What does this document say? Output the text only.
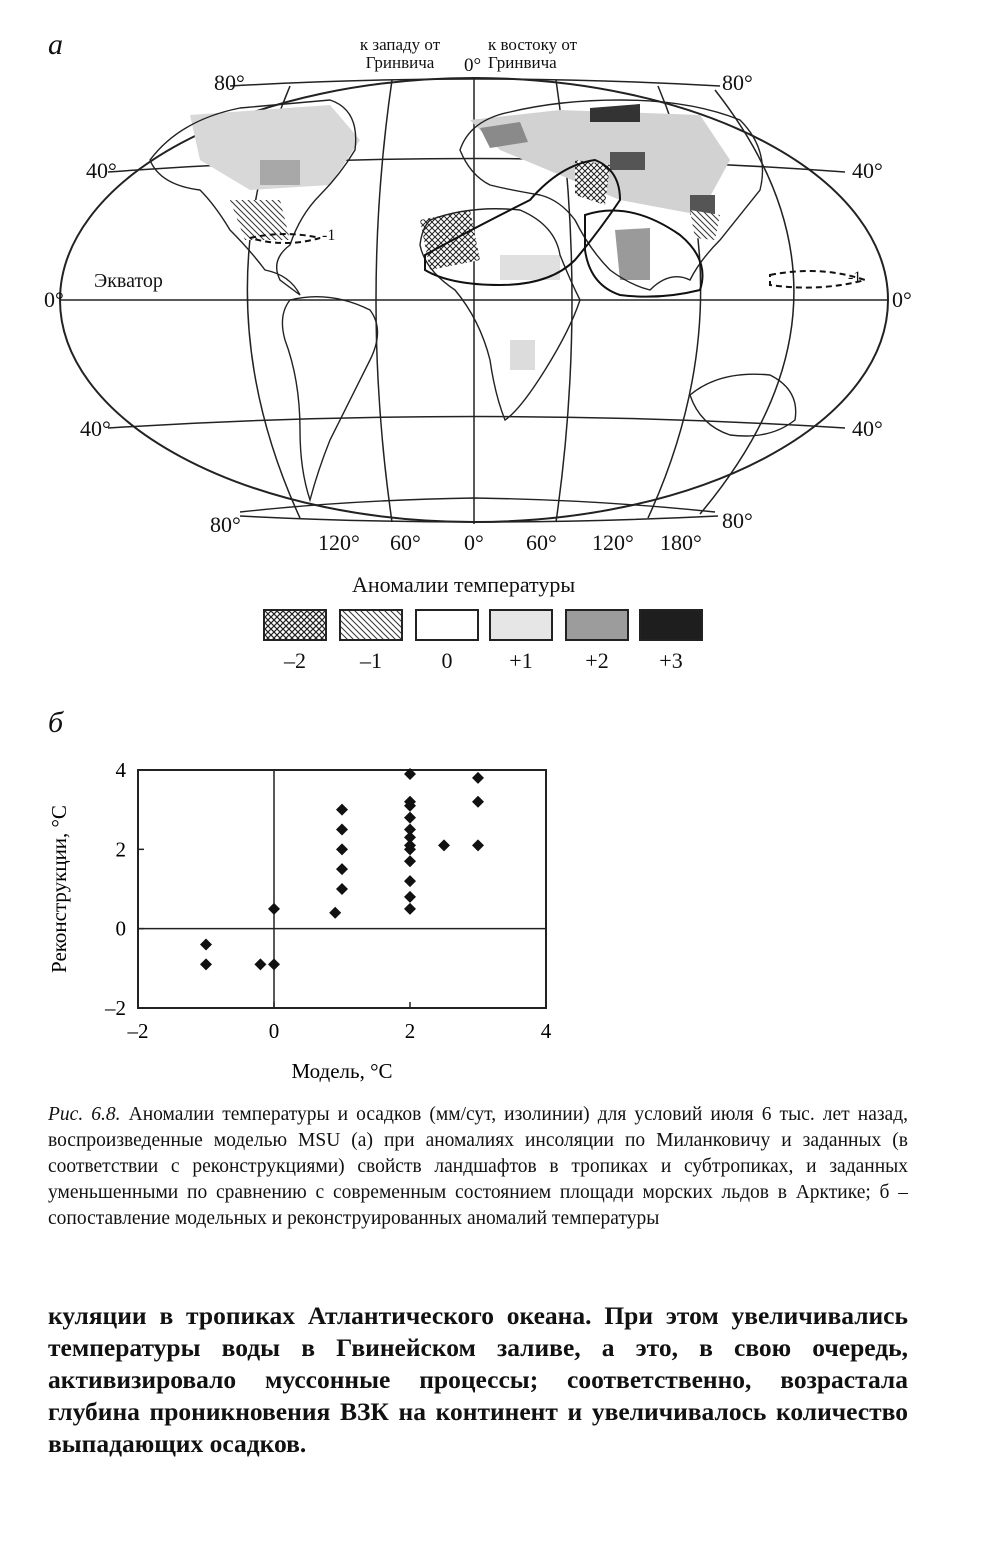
а	к западу от
Гринвича	0°
к востоку от
Гринвича
80°	80°
40°	40°
0°	0°
Экватор
40°	40°
80°	80°
-1
-1
120° 60° 0° 60° 120° 180°
Аномалии температуры
–2	–1	0	+1	+2	+3
б
–2	0	2	4
–2
0
2
4
Модель, °С
Реконструкции, °С
Рис. 6.8. Аномалии температуры и осадков (мм/сут, изолинии) для условий июля 6 тыс. лет назад, воспроизведенные моделью MSU (а) при аномалиях инсоляции по Миланковичу и заданных (в соответствии с реконструкциями) свойств ландшафтов в тропиках и субтропиках, и заданных уменьшенными по сравнению с современным состоянием площади морских льдов в Арктике; б – сопоставление модельных и реконструированных аномалий температуры
куляции в тропиках Атлантического океана. При этом увеличивались температуры воды в Гвинейском заливе, а это, в свою очередь, активизировало муссонные процессы; соответственно, возрастала глубина проникновения ВЗК на континент и увеличивалось количество выпадающих осадков.
